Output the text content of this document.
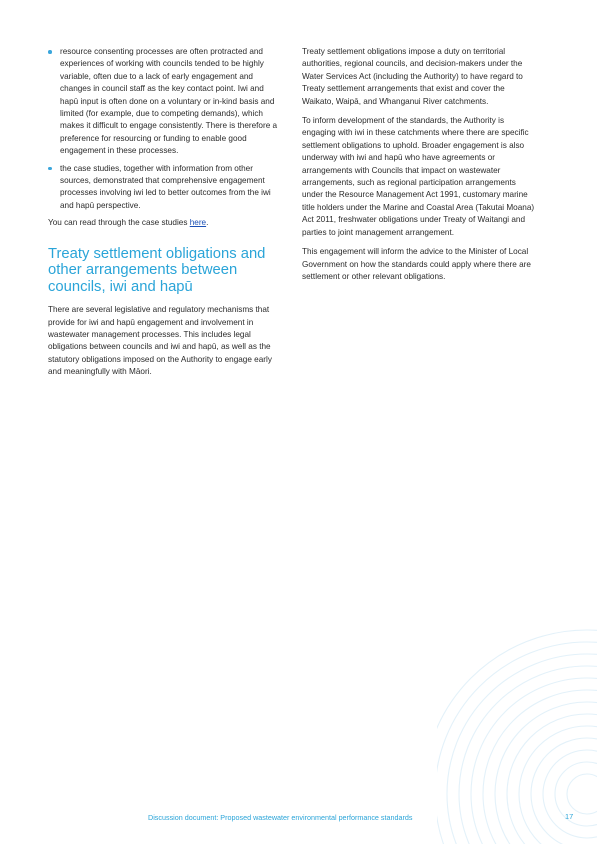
resource consenting processes are often protracted and experiences of working with councils tended to be highly variable, often due to a lack of early engagement and changes in council staff as the key contact point. Iwi and hapū input is often done on a voluntary or in-kind basis and limited (for example, due to competing demands), which makes it difficult to engage consistently. There is therefore a preference for resourcing or funding to enable good engagement in these processes.
the case studies, together with information from other sources, demonstrated that comprehensive engagement processes involving iwi led to better outcomes from the iwi and hapū perspective.

You can read through the case studies here.

Treaty settlement obligations and other arrangements between councils, iwi and hapū

There are several legislative and regulatory mechanisms that provide for iwi and hapū engagement and involvement in wastewater management processes. This includes legal obligations between councils and iwi and hapū, as well as the statutory obligations imposed on the Authority to engage early and meaningfully with Māori.

Treaty settlement obligations impose a duty on territorial authorities, regional councils, and decision-makers under the Water Services Act (including the Authority) to have regard to Treaty settlement arrangements that exist and cover the Waikato, Waipā, and Whanganui River catchments.

To inform development of the standards, the Authority is engaging with iwi in these catchments where there are specific settlement obligations to uphold. Broader engagement is also underway with iwi and hapū who have agreements or arrangements with Councils that impact on wastewater arrangements, such as regional participation arrangements under the Resource Management Act 1991, customary marine title holders under the Marine and Coastal Area (Takutai Moana) Act 2011, freshwater obligations under Treaty of Waitangi and parties to joint management arrangement.

This engagement will inform the advice to the Minister of Local Government on how the standards could apply where there are settlement or other relevant obligations.

Discussion document: Proposed wastewater environmental performance standards	17
